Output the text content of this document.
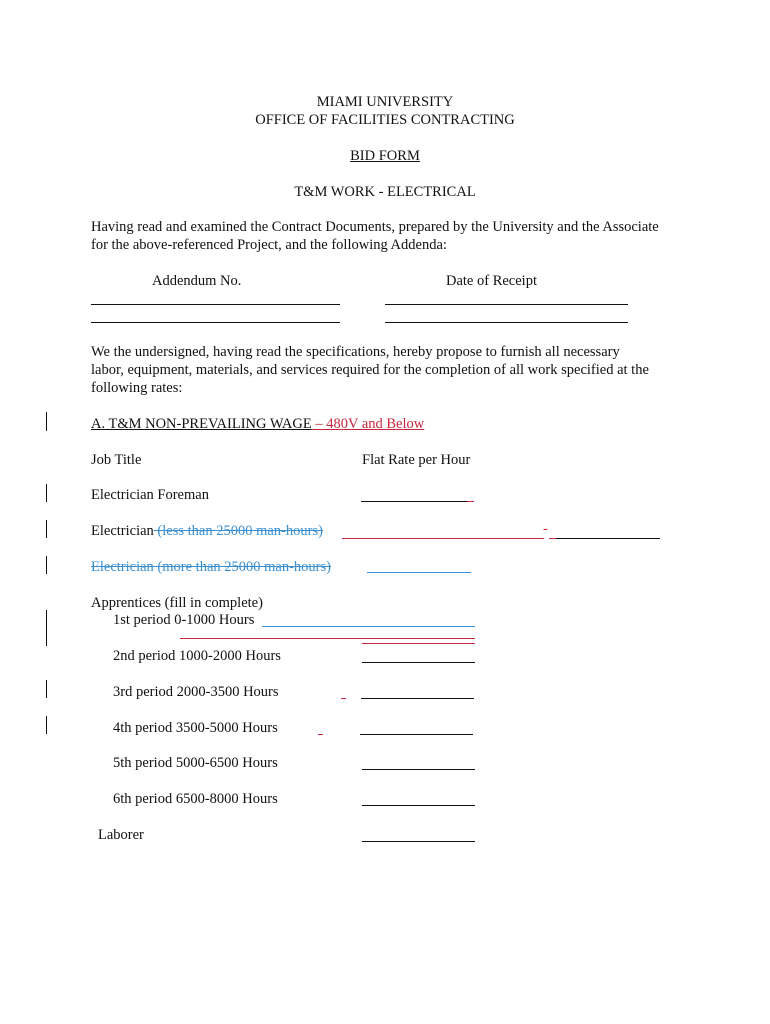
MIAMI UNIVERSITY
OFFICE OF FACILITIES CONTRACTING
BID FORM
T&M WORK - ELECTRICAL
Having read and examined the Contract Documents, prepared by the University and the Associate
for the above-referenced Project, and the following Addenda:
Addendum No.	Date of Receipt
We the undersigned, having read the specifications, hereby propose to furnish all necessary
labor, equipment, materials, and services required for the completion of all work specified at the
following rates:
A. T&M NON-PREVAILING WAGE – 480V and Below
Job Title	Flat Rate per Hour
Electrician Foreman
Electrician (less than 25000 man-hours)	-
Electrician (more than 25000 man-hours)
Apprentices (fill in complete)
1st period 0-1000 Hours
2nd period 1000-2000 Hours
3rd period 2000-3500 Hours
4th period 3500-5000 Hours
5th period 5000-6500 Hours
6th period 6500-8000 Hours
Laborer
